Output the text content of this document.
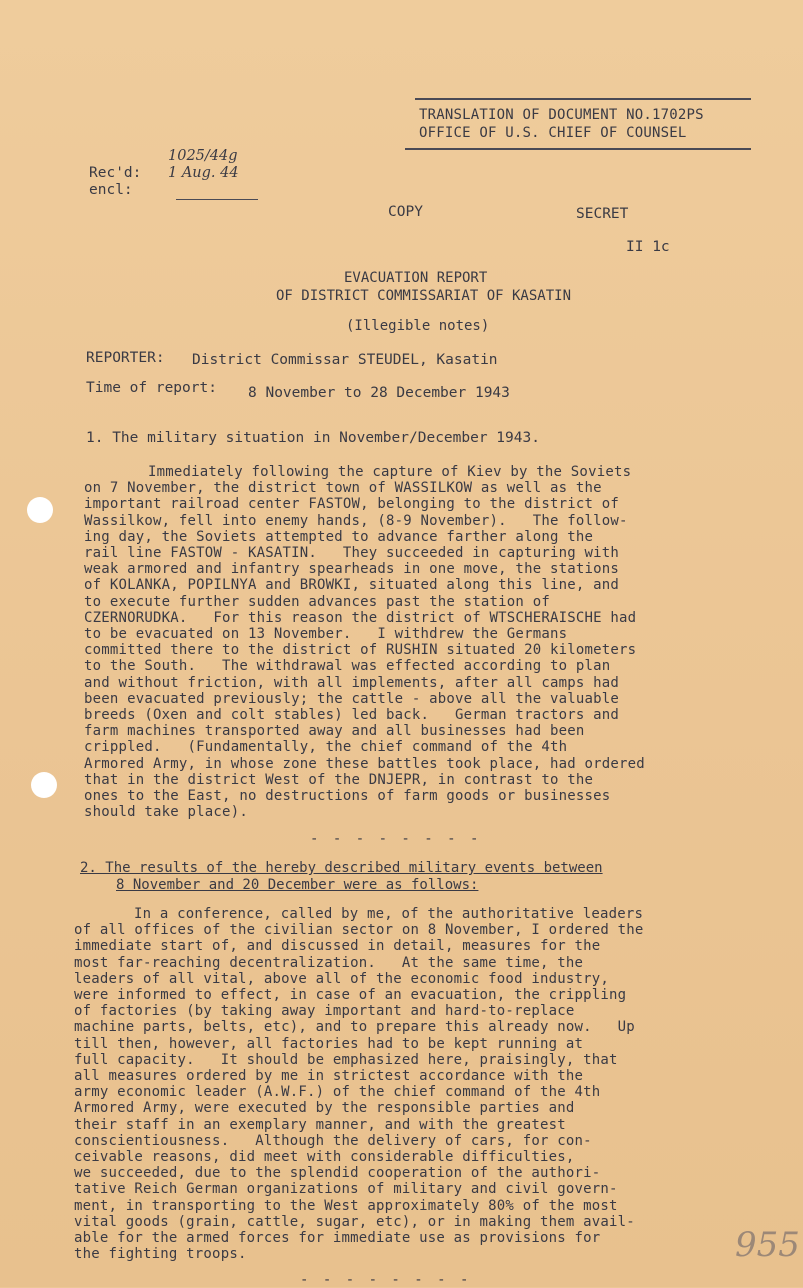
TRANSLATION OF DOCUMENT NO.1702PS
OFFICE OF U.S. CHIEF OF COUNSEL
1025/44g
Rec'd: 1 Aug. 44
encl:
COPY	SECRET
II 1c
EVACUATION REPORT
OF DISTRICT COMMISSARIAT OF KASATIN
(Illegible notes)
REPORTER: District Commissar STEUDEL, Kasatin
Time of report: 8 November to 28 December 1943
1. The military situation in November/December 1943.
Immediately following the capture of Kiev by the Soviets
on 7 November, the district town of WASSILKOW as well as the
important railroad center FASTOW, belonging to the district of
Wassilkow, fell into enemy hands, (8-9 November).   The follow-
ing day, the Soviets attempted to advance farther along the
rail line FASTOW - KASATIN.   They succeeded in capturing with
weak armored and infantry spearheads in one move, the stations
of KOLANKA, POPILNYA and BROWKI, situated along this line, and
to execute further sudden advances past the station of
CZERNORUDKA.   For this reason the district of WTSCHERAISCHE had
to be evacuated on 13 November.   I withdrew the Germans
committed there to the district of RUSHIN situated 20 kilometers
to the South.   The withdrawal was effected according to plan
and without friction, with all implements, after all camps had
been evacuated previously; the cattle - above all the valuable
breeds (Oxen and colt stables) led back.   German tractors and
farm machines transported away and all businesses had been
crippled.   (Fundamentally, the chief command of the 4th
Armored Army, in whose zone these battles took place, had ordered
that in the district West of the DNJEPR, in contrast to the
ones to the East, no destructions of farm goods or businesses
should take place).
- - - - - - - -
2. The results of the hereby described military events between
8 November and 20 December were as follows:
In a conference, called by me, of the authoritative leaders
of all offices of the civilian sector on 8 November, I ordered the
immediate start of, and discussed in detail, measures for the
most far-reaching decentralization.   At the same time, the
leaders of all vital, above all of the economic food industry,
were informed to effect, in case of an evacuation, the crippling
of factories (by taking away important and hard-to-replace
machine parts, belts, etc), and to prepare this already now.   Up
till then, however, all factories had to be kept running at
full capacity.   It should be emphasized here, praisingly, that
all measures ordered by me in strictest accordance with the
army economic leader (A.W.F.) of the chief command of the 4th
Armored Army, were executed by the responsible parties and
their staff in an exemplary manner, and with the greatest
conscientiousness.   Although the delivery of cars, for con-
ceivable reasons, did meet with considerable difficulties,
we succeeded, due to the splendid cooperation of the authori-
tative Reich German organizations of military and civil govern-
ment, in transporting to the West approximately 80% of the most
vital goods (grain, cattle, sugar, etc), or in making them avail-
able for the armed forces for immediate use as provisions for
the fighting troops.	955
- - - - - - - -
